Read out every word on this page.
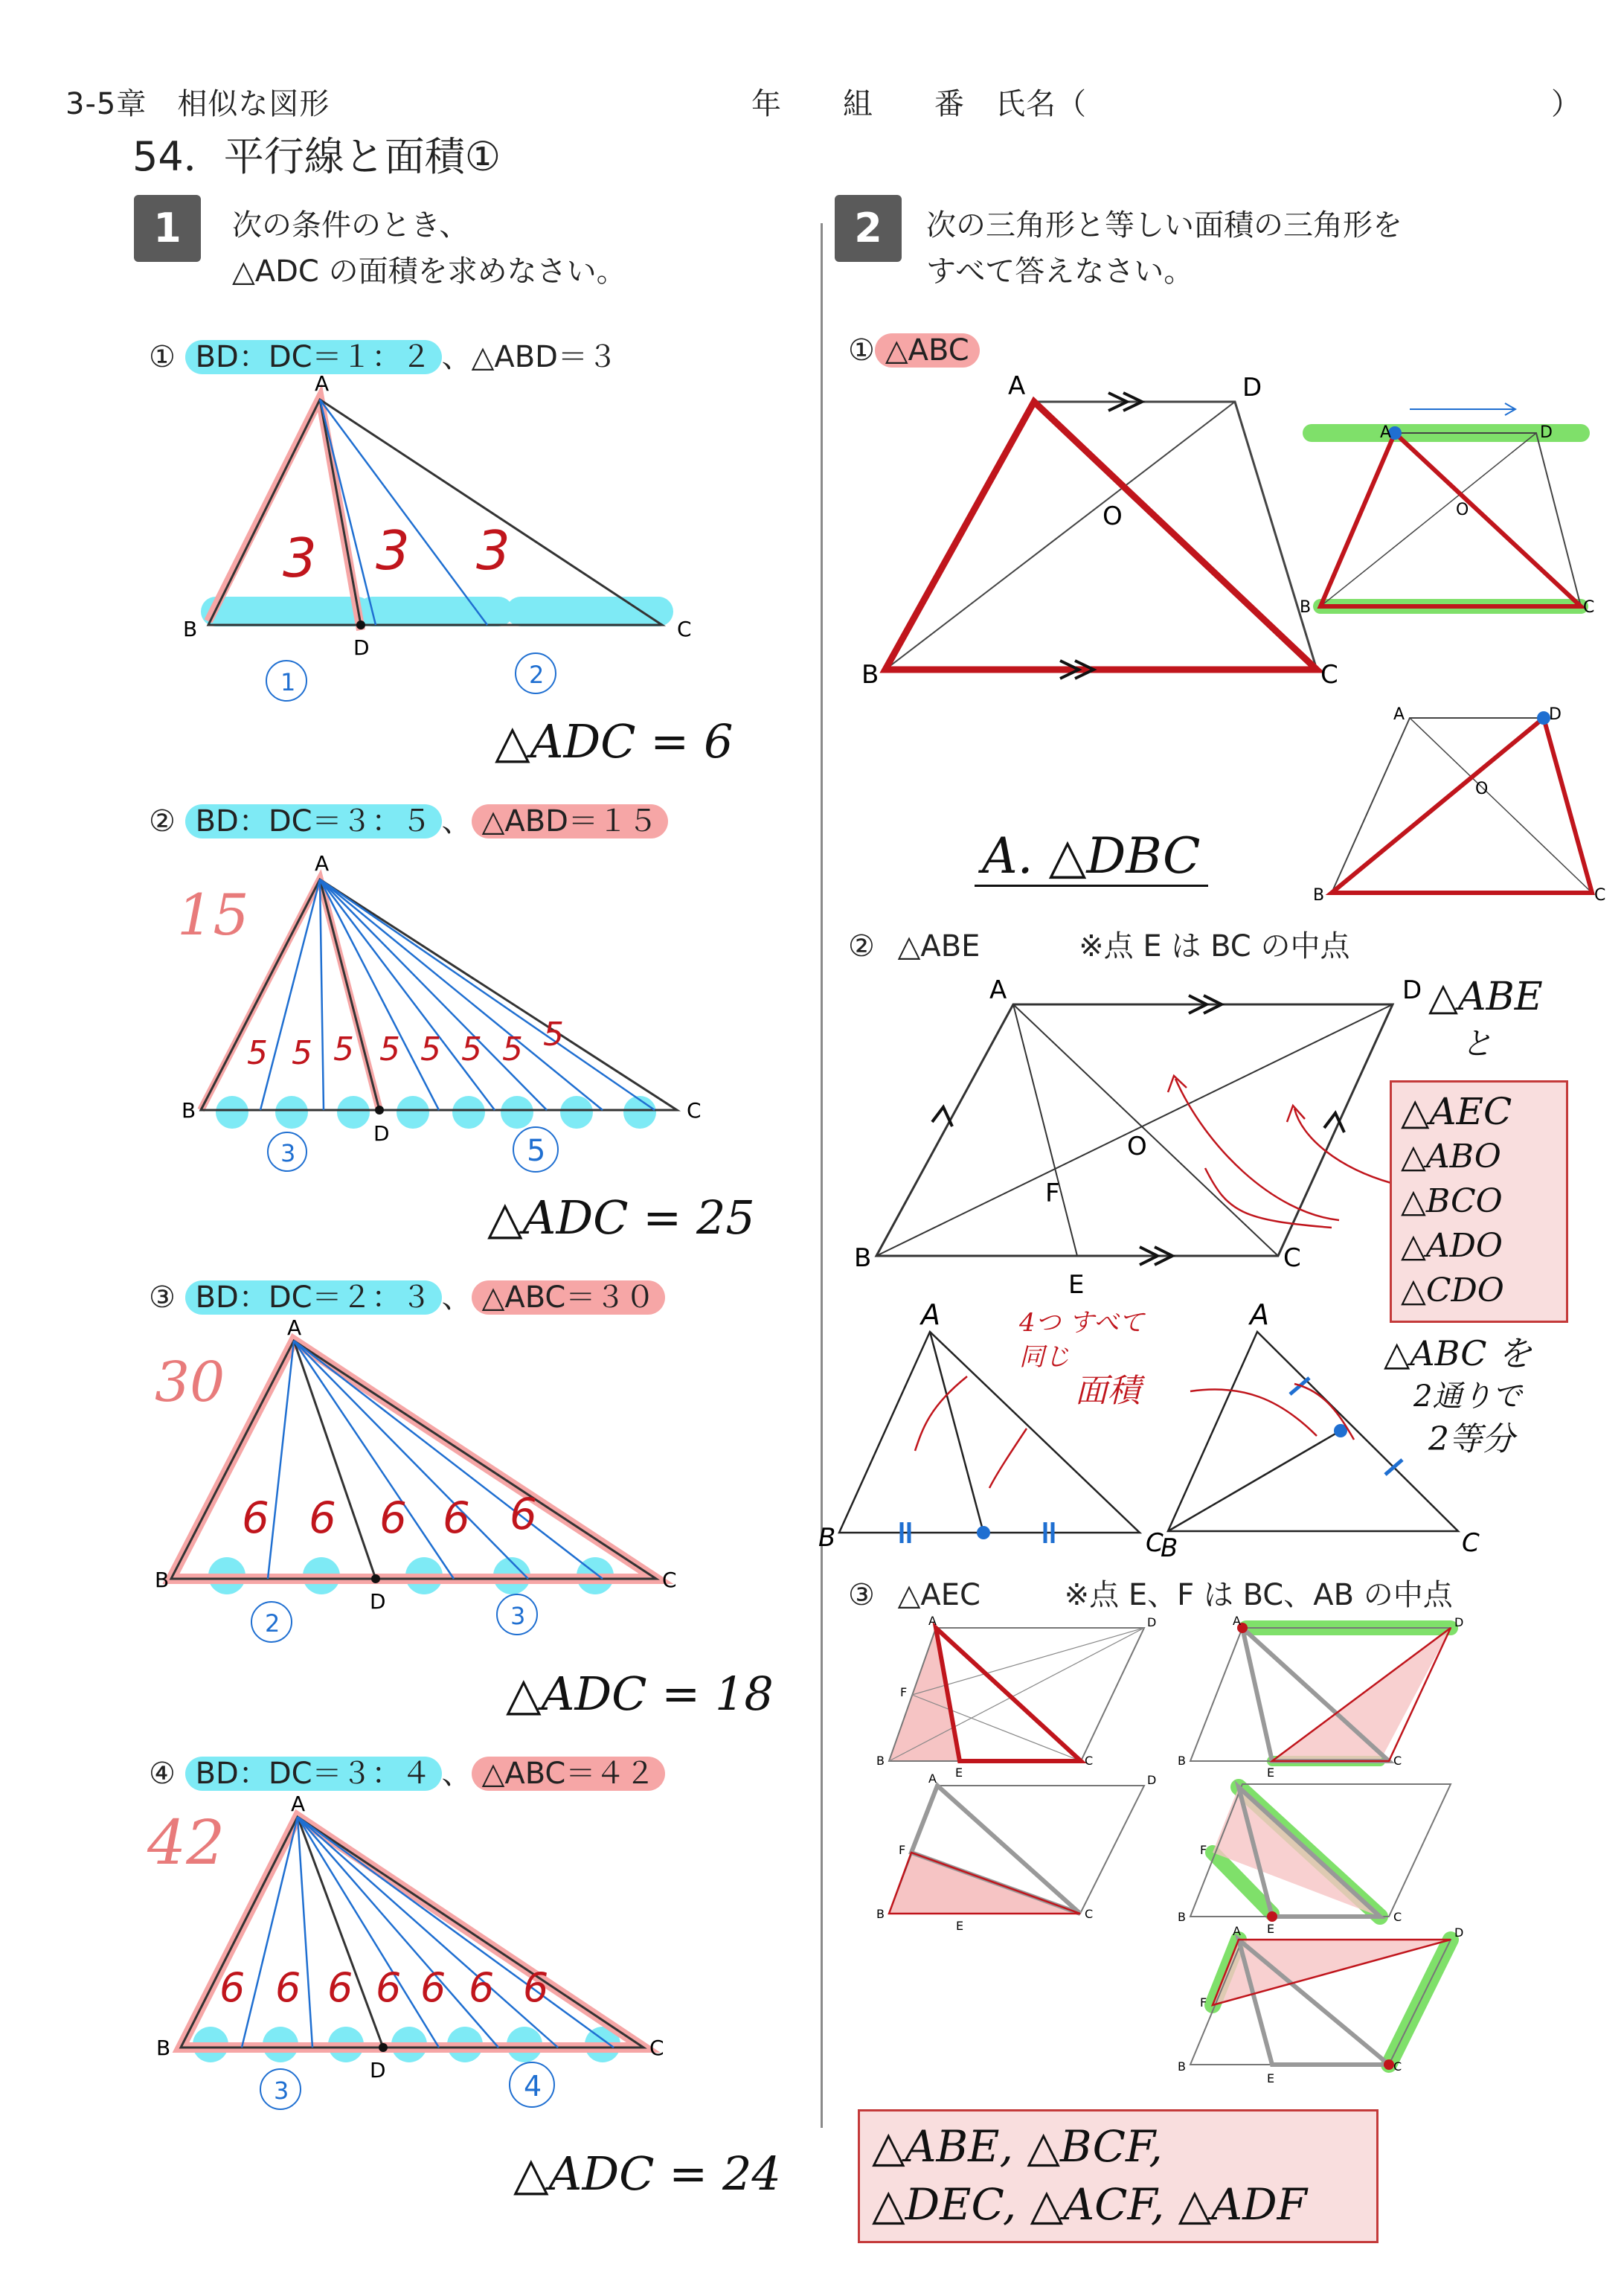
3-5章　相似な図形	年　　組　　番　氏名（	）
54．平行線と面積①
1	次の条件のとき、
△ADC の面積を求めなさい。
① BD：DC＝１：２ 、△ABD＝３
A
B
D
C
3 3 3
1	2
△ADC = 6
② BD：DC＝３：５ 、 △ABD＝１５
15
A
B
D
C
5 5 5 5 5 5 5 5
3	5
△ADC = 25
③ BD：DC＝２：３ 、 △ABC＝３０
30
A
B
D
C
6 6 6 6 6
2	3
△ADC = 18
④ BD：DC＝３：４ 、 △ABC＝４２
42
A
B
D
C
6 6 6 6 6 6 6
3	4
△ADC = 24
2	次の三角形と等しい面積の三角形を
すべて答えなさい。
① △ABC
A	D
B	C
O
A	D
B	C
O
A	D
B	C
O
A. △DBC
② △ABE	※点 E は BC の中点
A	D
B	C
E
F
O
△ABE
と
△AEC
△ABO
△BCO
△ADO
△CDO
A
B	C
4つ すべて
同じ
面積
A
B	C
△ABC を
2通りで
2等分
③ △AEC	※点 E、F は BC、AB の中点
A	D
B	C
F
E
A	D
B	C
E
A	D
B	C
F
E
B	C
F
E
A	D
B	C
F
E
△ABE, △BCF,
△DEC, △ACF, △ADF
